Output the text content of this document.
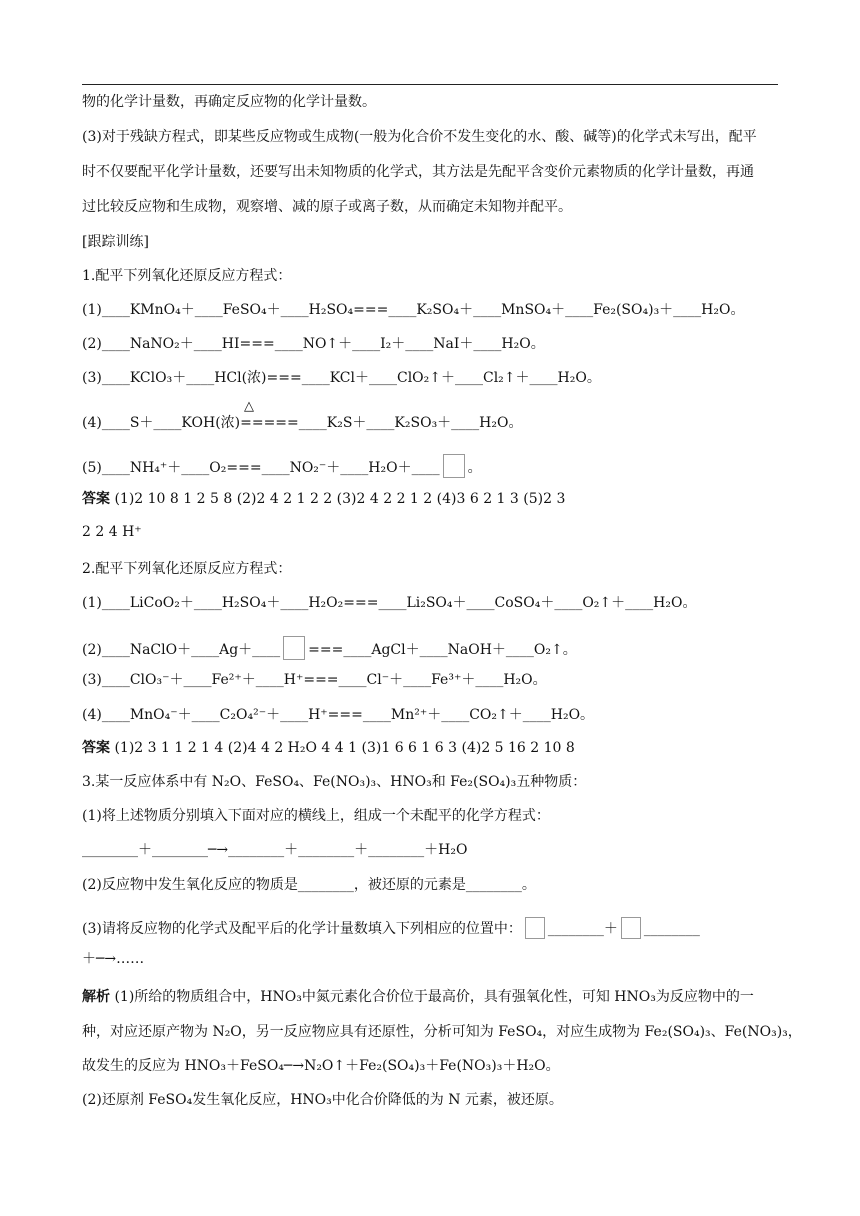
物的化学计量数，再确定反应物的化学计量数。
(3)对于残缺方程式，即某些反应物或生成物(一般为化合价不发生变化的水、酸、碱等)的化学式未写出，配平
时不仅要配平化学计量数，还要写出未知物质的化学式，其方法是先配平含变价元素物质的化学计量数，再通
过比较反应物和生成物，观察增、减的原子或离子数，从而确定未知物并配平。
[跟踪训练]
1.配平下列氧化还原反应方程式：
(1)____KMnO₄＋____FeSO₄＋____H₂SO₄===____K₂SO₄＋____MnSO₄＋____Fe₂(SO₄)₃＋____H₂O。
(2)____NaNO₂＋____HI===____NO↑＋____I₂＋____NaI＋____H₂O。
(3)____KClO₃＋____HCl(浓)===____KCl＋____ClO₂↑＋____Cl₂↑＋____H₂O。
△
(4)____S＋____KOH(浓)=====____K₂S＋____K₂SO₃＋____H₂O。
(5)____NH₄⁺＋____O₂===____NO₂⁻＋____H₂O＋____ 。
答案 (1)2 10 8 1 2 5 8 (2)2 4 2 1 2 2 (3)2 4 2 2 1 2 (4)3 6 2 1 3 (5)2 3
2 2 4 H⁺
2.配平下列氧化还原反应方程式：
(1)____LiCoO₂＋____H₂SO₄＋____H₂O₂===____Li₂SO₄＋____CoSO₄＋____O₂↑＋____H₂O。
(2)____NaClO＋____Ag＋____ ===____AgCl＋____NaOH＋____O₂↑。
(3)____ClO₃⁻＋____Fe²⁺＋____H⁺===____Cl⁻＋____Fe³⁺＋____H₂O。
(4)____MnO₄⁻＋____C₂O₄²⁻＋____H⁺===____Mn²⁺＋____CO₂↑＋____H₂O。
答案 (1)2 3 1 1 2 1 4 (2)4 4 2 H₂O 4 4 1 (3)1 6 6 1 6 3 (4)2 5 16 2 10 8
3.某一反应体系中有 N₂O、FeSO₄、Fe(NO₃)₃、HNO₃和 Fe₂(SO₄)₃五种物质：
(1)将上述物质分别填入下面对应的横线上，组成一个未配平的化学方程式：
________＋________─→________＋________＋________＋H₂O
(2)反应物中发生氧化反应的物质是________，被还原的元素是________。
(3)请将反应物的化学式及配平后的化学计量数填入下列相应的位置中： ________＋ ________
＋─→……
解析 (1)所给的物质组合中，HNO₃中氮元素化合价位于最高价，具有强氧化性，可知 HNO₃为反应物中的一
种，对应还原产物为 N₂O，另一反应物应具有还原性，分析可知为 FeSO₄，对应生成物为 Fe₂(SO₄)₃、Fe(NO₃)₃，
故发生的反应为 HNO₃＋FeSO₄─→N₂O↑＋Fe₂(SO₄)₃＋Fe(NO₃)₃＋H₂O。
(2)还原剂 FeSO₄发生氧化反应，HNO₃中化合价降低的为 N 元素，被还原。
